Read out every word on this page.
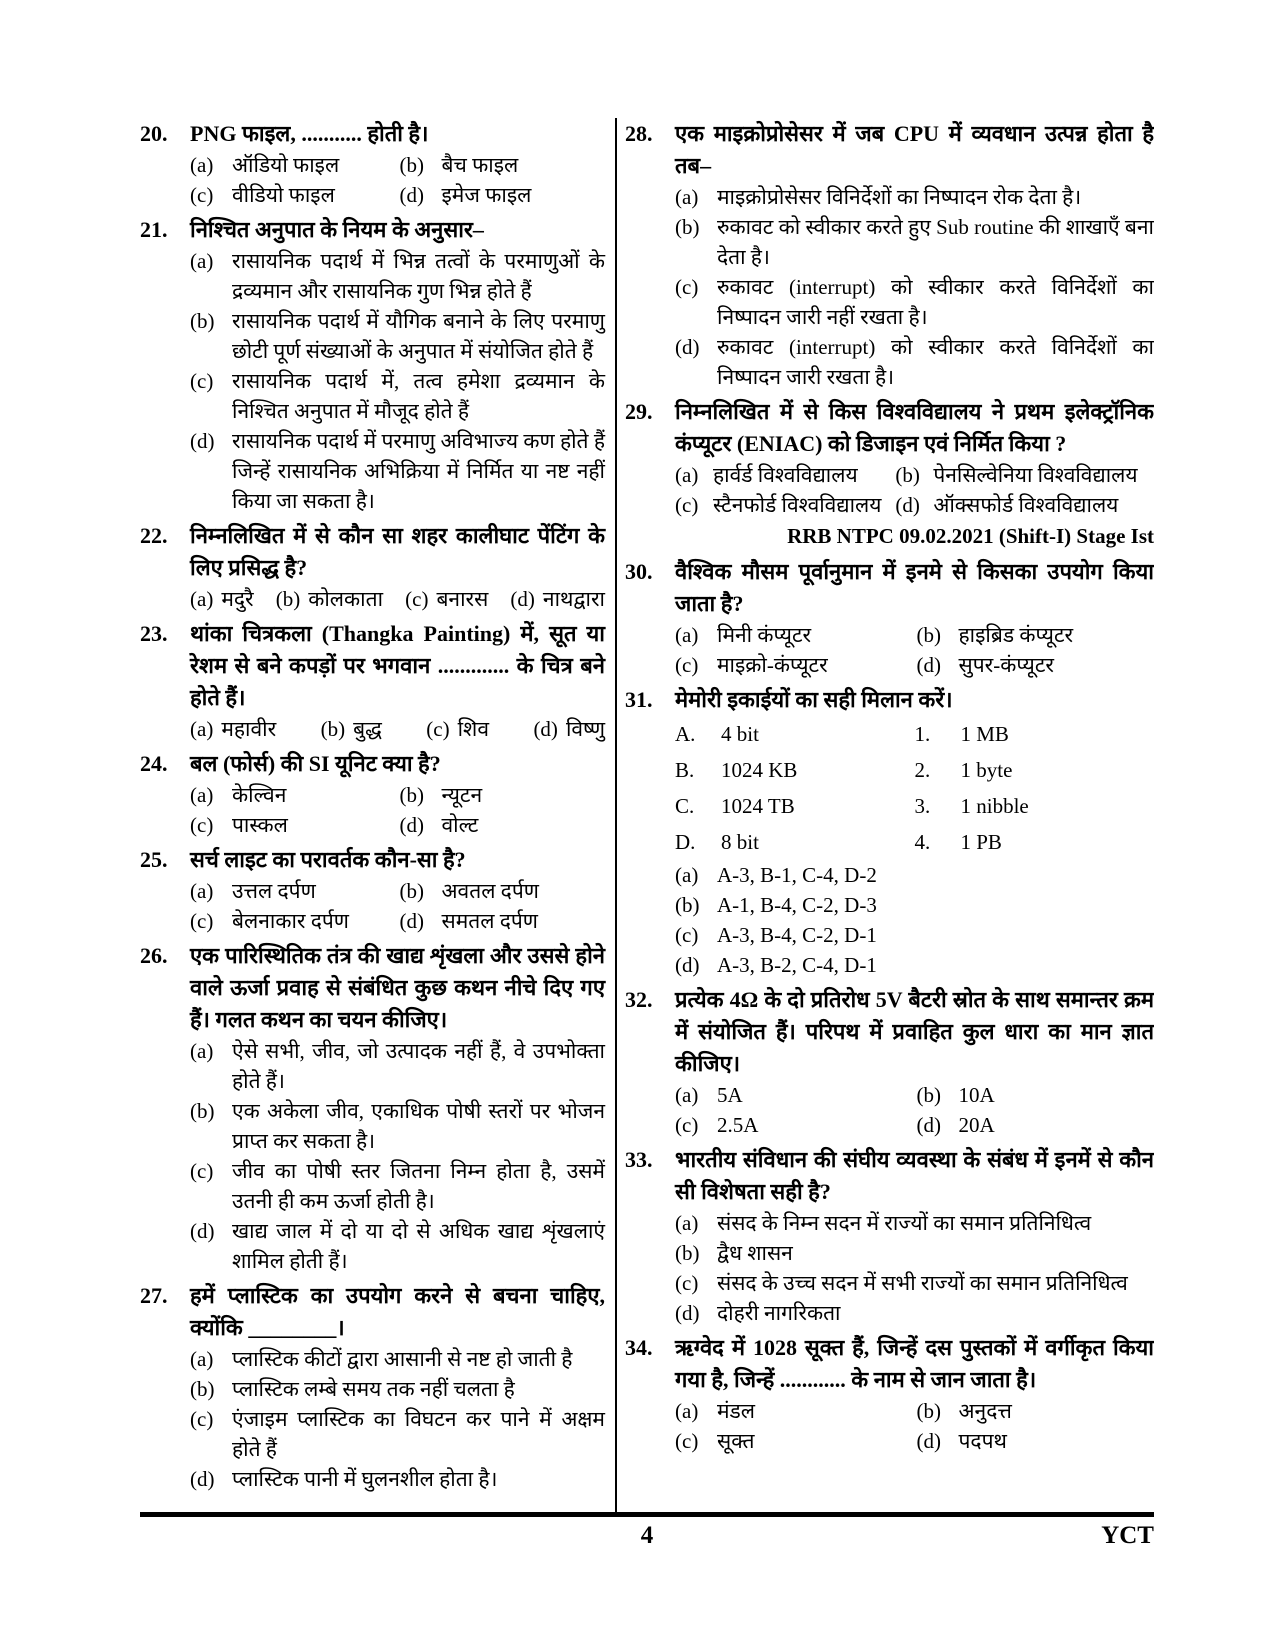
20.	PNG फाइल, ........... होती है।
(a) ऑडियो फाइल	(b) बैच फाइल
(c) वीडियो फाइल	(d) इमेज फाइल
21.	निश्चित अनुपात के नियम के अनुसार–
(a) रासायनिक पदार्थ में भिन्न तत्वों के परमाणुओं के द्रव्यमान और रासायनिक गुण भिन्न होते हैं
(b) रासायनिक पदार्थ में यौगिक बनाने के लिए परमाणु छोटी पूर्ण संख्याओं के अनुपात में संयोजित होते हैं
(c) रासायनिक पदार्थ में, तत्व हमेशा द्रव्यमान के निश्चित अनुपात में मौजूद होते हैं
(d) रासायनिक पदार्थ में परमाणु अविभाज्य कण होते हैं जिन्हें रासायनिक अभिक्रिया में निर्मित या नष्ट नहीं किया जा सकता है।
22.	निम्नलिखित में से कौन सा शहर कालीघाट पेंटिंग के लिए प्रसिद्ध है?
(a) मदुरै (b) कोलकाता (c) बनारस (d) नाथद्वारा
23.	थांका चित्रकला (Thangka Painting) में, सूत या रेशम से बने कपड़ों पर भगवान ............. के चित्र बने होते हैं।
(a) महावीर (b) बुद्ध (c) शिव (d) विष्णु
24.	बल (फोर्स) की SI यूनिट क्या है?
(a) केल्विन	(b) न्यूटन
(c) पास्कल	(d) वोल्ट
25.	सर्च लाइट का परावर्तक कौन-सा है?
(a) उत्तल दर्पण	(b) अवतल दर्पण
(c) बेलनाकार दर्पण	(d) समतल दर्पण
26.	एक पारिस्थितिक तंत्र की खाद्य शृंखला और उससे होने वाले ऊर्जा प्रवाह से संबंधित कुछ कथन नीचे दिए गए हैं। गलत कथन का चयन कीजिए।
(a) ऐसे सभी, जीव, जो उत्पादक नहीं हैं, वे उपभोक्ता होते हैं।
(b) एक अकेला जीव, एकाधिक पोषी स्तरों पर भोजन प्राप्त कर सकता है।
(c) जीव का पोषी स्तर जितना निम्न होता है, उसमें उतनी ही कम ऊर्जा होती है।
(d) खाद्य जाल में दो या दो से अधिक खाद्य शृंखलाएं शामिल होती हैं।
27.	हमें प्लास्टिक का उपयोग करने से बचना चाहिए, क्योंकि ________।
(a) प्लास्टिक कीटों द्वारा आसानी से नष्ट हो जाती है
(b) प्लास्टिक लम्बे समय तक नहीं चलता है
(c) एंजाइम प्लास्टिक का विघटन कर पाने में अक्षम होते हैं
(d) प्लास्टिक पानी में घुलनशील होता है।
28.	एक माइक्रोप्रोसेसर में जब CPU में व्यवधान उत्पन्न होता है तब–
(a) माइक्रोप्रोसेसर विनिर्देशों का निष्पादन रोक देता है।
(b) रुकावट को स्वीकार करते हुए Sub routine की शाखाएँ बना देता है।
(c) रुकावट (interrupt) को स्वीकार करते विनिर्देशों का निष्पादन जारी नहीं रखता है।
(d) रुकावट (interrupt) को स्वीकार करते विनिर्देशों का निष्पादन जारी रखता है।
29.	निम्नलिखित में से किस विश्वविद्यालय ने प्रथम इलेक्ट्रॉनिक कंप्यूटर (ENIAC) को डिजाइन एवं निर्मित किया ?
(a) हार्वर्ड विश्वविद्यालय	(b) पेनसिल्वेनिया विश्वविद्यालय
(c) स्टैनफोर्ड विश्वविद्यालय (d) ऑक्सफोर्ड विश्वविद्यालय
RRB NTPC 09.02.2021 (Shift-I) Stage Ist
30.	वैश्विक मौसम पूर्वानुमान में इनमे से किसका उपयोग किया जाता है?
(a) मिनी कंप्यूटर	(b) हाइब्रिड कंप्यूटर
(c) माइक्रो-कंप्यूटर	(d) सुपर-कंप्यूटर
31.	मेमोरी इकाईयों का सही मिलान करें।
A.	4 bit	1.	1 MB
B.	1024 KB	2.	1 byte
C.	1024 TB	3.	1 nibble
D.	8 bit	4.	1 PB
(a) A-3, B-1, C-4, D-2
(b) A-1, B-4, C-2, D-3
(c) A-3, B-4, C-2, D-1
(d) A-3, B-2, C-4, D-1
32.	प्रत्येक 4Ω के दो प्रतिरोध 5V बैटरी स्रोत के साथ समान्तर क्रम में संयोजित हैं। परिपथ में प्रवाहित कुल धारा का मान ज्ञात कीजिए।
(a) 5A	(b) 10A
(c) 2.5A	(d) 20A
33.	भारतीय संविधान की संघीय व्यवस्था के संबंध में इनमें से कौन सी विशेषता सही है?
(a) संसद के निम्न सदन में राज्यों का समान प्रतिनिधित्व
(b) द्वैध शासन
(c) संसद के उच्च सदन में सभी राज्यों का समान प्रतिनिधित्व
(d) दोहरी नागरिकता
34.	ऋग्वेद में 1028 सूक्त हैं, जिन्हें दस पुस्तकों में वर्गीकृत किया गया है, जिन्हें ............ के नाम से जान जाता है।
(a) मंडल	(b) अनुदत्त
(c) सूक्त	(d) पदपथ
4	YCT
